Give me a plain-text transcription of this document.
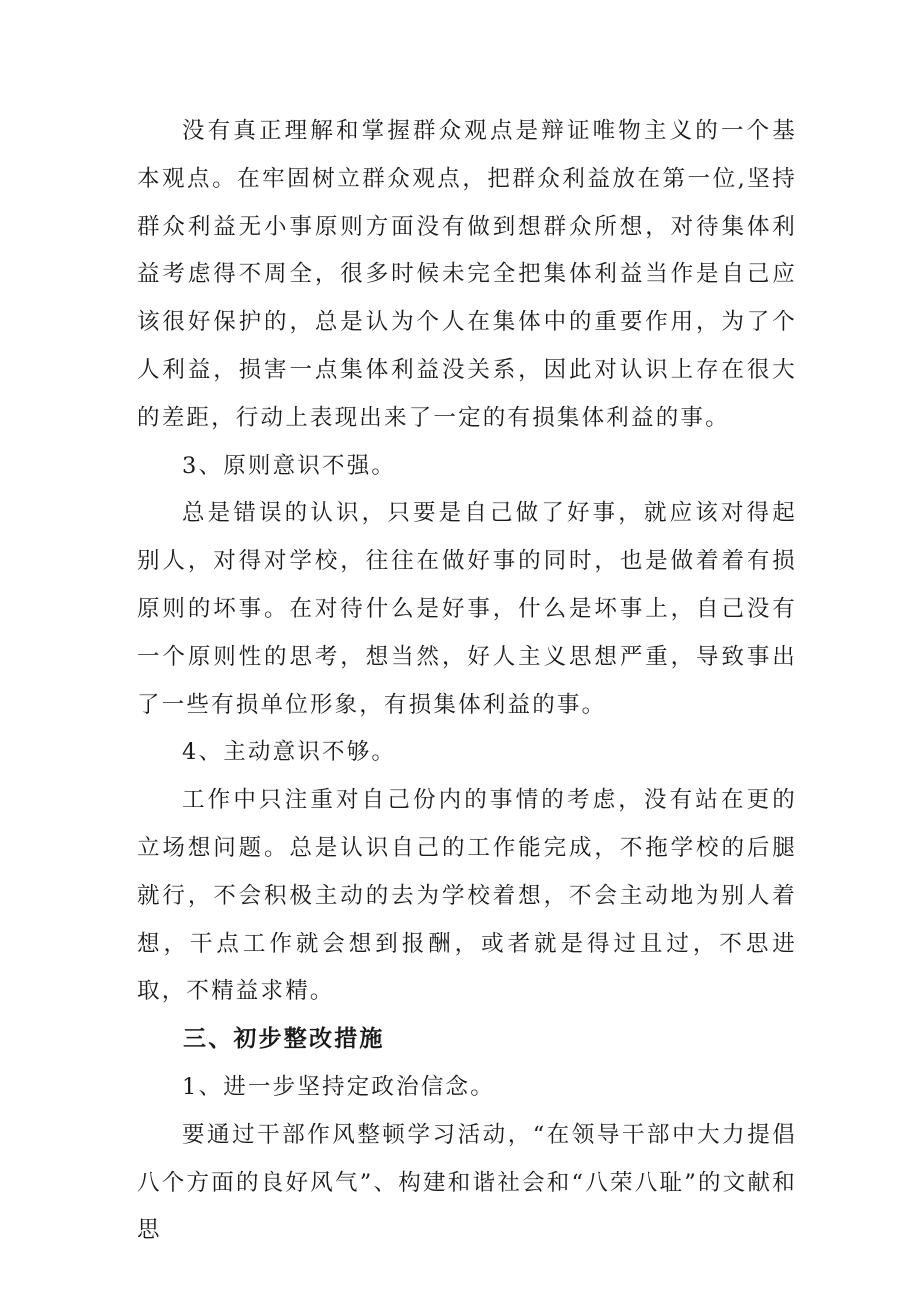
没有真正理解和掌握群众观点是辩证唯物主义的一个基本观点。在牢固树立群众观点，把群众利益放在第一位,坚持群众利益无小事原则方面没有做到想群众所想，对待集体利益考虑得不周全，很多时候未完全把集体利益当作是自己应该很好保护的，总是认为个人在集体中的重要作用，为了个人利益，损害一点集体利益没关系，因此对认识上存在很大的差距，行动上表现出来了一定的有损集体利益的事。

3、原则意识不强。

总是错误的认识，只要是自己做了好事，就应该对得起别人，对得对学校，往往在做好事的同时，也是做着着有损原则的坏事。在对待什么是好事，什么是坏事上，自己没有一个原则性的思考，想当然，好人主义思想严重，导致事出了一些有损单位形象，有损集体利益的事。

4、主动意识不够。

工作中只注重对自己份内的事情的考虑，没有站在更的立场想问题。总是认识自己的工作能完成，不拖学校的后腿就行，不会积极主动的去为学校着想，不会主动地为别人着想，干点工作就会想到报酬，或者就是得过且过，不思进取，不精益求精。

三、初步整改措施

1、进一步坚持定政治信念。

要通过干部作风整顿学习活动，“在领导干部中大力提倡八个方面的良好风气”、构建和谐社会和“八荣八耻”的文献和思
